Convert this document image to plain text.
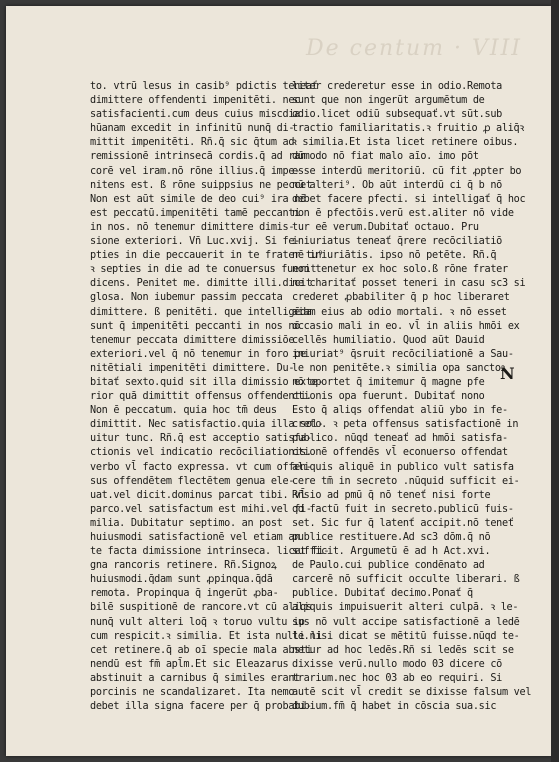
De centum · VIII
to. vtrū lesus in casib⁹ pdictis teneať
dimittere offendenti impenitēti. nec
satisfacienti.cum deus cuius miscdia
hūanam excedit in infinitū nunq̄ di-
mittit impenitēti. Rñ.q̄ sic q̄tum ad
remissionē intrinsecā cordis.q̄ ad ran
corē vel iram.nō rōne illius.q̄ impe-
nitens est. ß rōne suippsius ne peccet
Non est aūt simile de deo cui⁹ ira nō
est peccatū.impenitēti tamē peccanti
in nos. nō tenemur dimittere dimis-
sione exteriori. Vn̄ Luc.xvij. Si fe-
pties in die peccauerit in te frater tu⁹
ꝛ septies in die ad te conuersus fuerit
dicens. Penitet me. dimitte illi.dicit
glosa. Non iubemur passim peccata
dimittere. ß penitēti. que intelligēda
sunt q̄ impenitēti peccanti in nos nō
tenemur peccata dimittere dimissiōe
exteriori.vel q̄ nō tenemur in foro pe
nitētiali impenitēti dimittere. Du-
bitať sexto.quid sit illa dimissio exte-
rior quā dimittit offensus offendenti.
Non ē peccatum. quia hoc tm̄ deus
dimittit. Nec satisfactio.quia illa sol-
uitur tunc. Rñ.q̄ est acceptio satisfa-
ctionis vel indicatio recōciliationis.
verbo vl̄ facto expressa. vt cum offen-
sus offendētem flectētem genua ele-
uat.vel dicit.dominus parcat tibi. vl̄
parco.vel satisfactum est mihi.vel fi-
milia. Dubitatur septimo. an post
huiusmodi satisfactionē vel etiam an
te facta dimissione intrinseca. licet fi-
gna rancoris retinere. Rñ.Signoꝝ
huiusmodi.q̄dam sunt ꝓpinqua.q̄dā
remota. Propinqua q̄ ingerūt ꝓba-
bilē suspitionē de rancore.vt cū aliqs
nunq̄ vult alteri loq̄ ꝛ toruo vultu ip
cum respicit.ꝛ similia. Et ista nulli li
cet retinere.q̄ ab oī specie mala absti
nendū est fm̄ apl̄m.Et sic Eleazarus
abstinuit a carnibus q̄ similes erant
porcinis ne scandalizaret. Ita nemo
debet illa signa facere per q̄ probabi-
liter crederetur esse in odio.Remota
sunt que non ingerūt argumētum de
odio.licet odiū subsequať.vt sūt.sub
tractio familiaritatis.ꝛ fruitio ꝓ aliq̄ꝛ
ꝛ similia.Et ista licet retinere oibus.
dūmodo nō fiat malo aīo. imo pōt
esse interdū meritoriū. cū fit ꝓpter bo
nū alteri⁹. Ob aūt interdū ci q̄ b nō
debet facere pfecti. si intelligať q̄ hoc
non ē pfectōis.verū est.aliter nō vide
tur eē verum.Dubitať octauo. Pru
iniuriatus teneať q̄rere recōciliatiō
nē iniuriātis. ipso nō petēte. Rñ.q̄
non tenetur ex hoc solo.ß rōne frater
ne charitať posset teneri in casu sc3 si
crederet ꝓbabiliter q̄ p hoc liberaret
aiam eius ab odio mortali. ꝛ nō esset
occasio mali in eo. vl̄ in aliis hmōi ex
cellēs humiliatio. Quod aūt Dauid
iniuriat⁹ q̄sruit recōciliationē a Sau-
le non penitēte.ꝛ similia opa sanctoꝝ
nō oportet q̄ imitemur q̄ magne pfe
ctionis opa fuerunt. Dubitať nono
Esto q̄ aliqs offendat aliū ybo in fe-
creto. ꝛ peta offensus satisfactionē in
publico. nūqd teneať ad hmōi satisfa-
ctionē offendēs vl̄ econuerso offendat
aliquis aliquē in publico vult satisfa
cere tm̄ in secreto .nūquid sufficit ei-
Rñsio ad pmū q̄ nō teneť nisi forte
qd factū fuit in secreto.publicū fuis-
set. Sic fur q̄ latenť accipit.nō teneť
publice restituere.Ad sc3 dōm.q̄ nō
sufficit. Argumetū ē ad h Act.xvi.
de Paulo.cui publice condēnato ad
carcerē nō sufficit occulte liberari. ß
publice. Dubitať decimo.Ponať q̄
aliquis impuisuerit alteri culpā. ꝛ le-
sus nō vult accipe satisfactionē a ledē
te.nisi dicat se mētitū fuisse.nūqd te-
netur ad hoc ledēs.Rñ si ledēs scit se
dixisse verū.nullo modo 03 dicere cō
trarium.nec hoc 03 ab eo requiri. Si
autē scit vl̄ credit se dixisse falsum vel
dubium.fm̄ q̄ habet in cōscia sua.sic
N
